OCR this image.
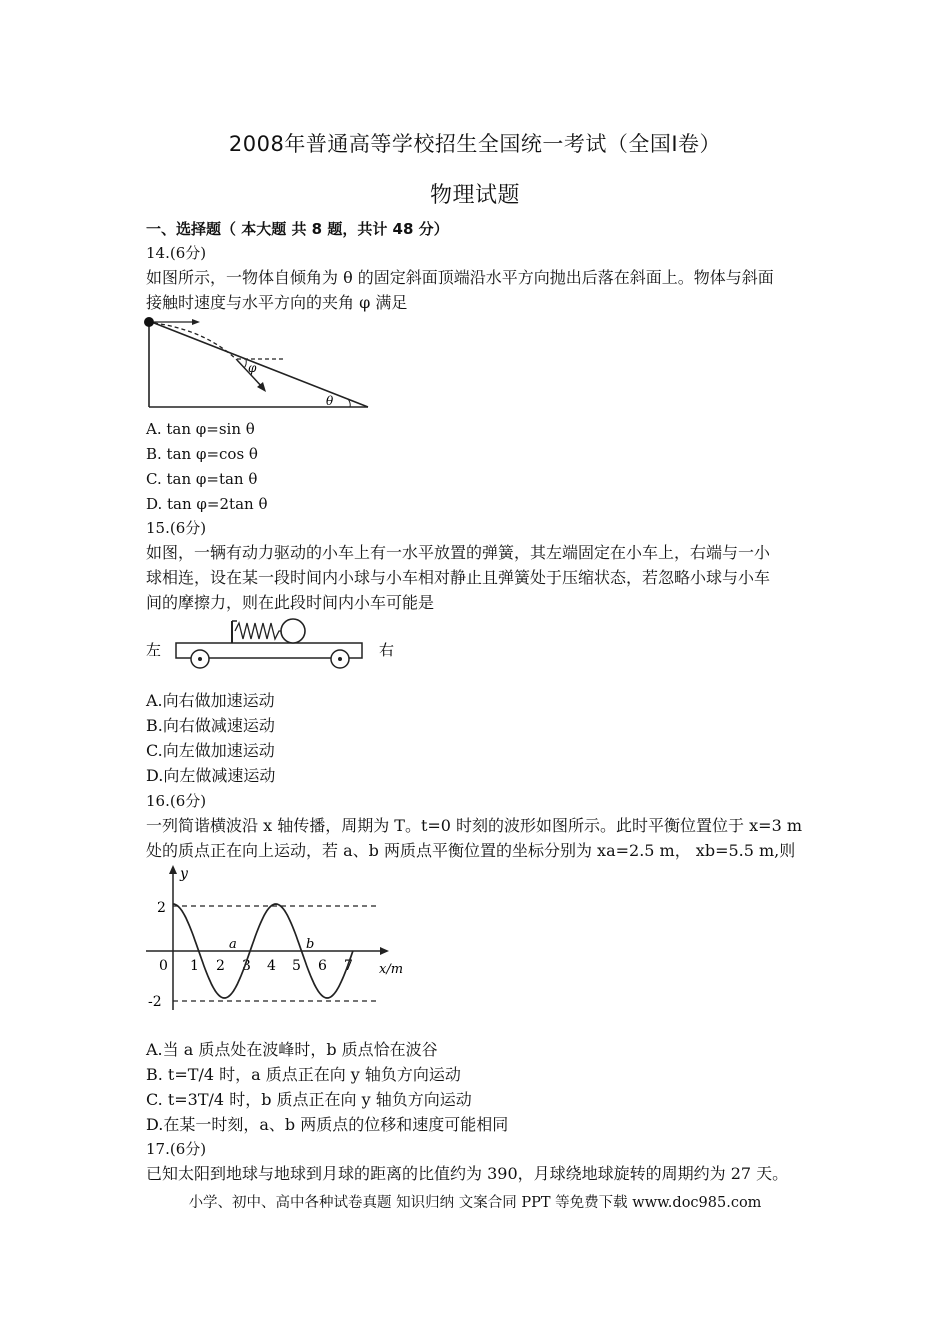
2008年普通高等学校招生全国统一考试（全国Ⅰ卷）
物理试题
一、选择题（ 本大题 共 8 题，共计 48 分）
14.(6分)
如图所示，一物体自倾角为 θ 的固定斜面顶端沿水平方向抛出后落在斜面上。物体与斜面
接触时速度与水平方向的夹角 φ 满足
φ
θ
A. tan φ=sin θ
B. tan φ=cos θ
C. tan φ=tan θ
D. tan φ=2tan θ
15.(6分)
如图，一辆有动力驱动的小车上有一水平放置的弹簧，其左端固定在小车上，右端与一小
球相连，设在某一段时间内小球与小车相对静止且弹簧处于压缩状态，若忽略小球与小车
间的摩擦力，则在此段时间内小车可能是
左	右
A.向右做加速运动
B.向右做减速运动
C.向左做加速运动
D.向左做减速运动
16.(6分)
一列简谐横波沿 x 轴传播，周期为 T。t=0 时刻的波形如图所示。此时平衡位置位于 x=3 m
处的质点正在向上运动，若 a、b 两质点平衡位置的坐标分别为 xa=2.5 m， xb=5.5 m,则
y
x/m
2
-2
0 1 2 3 4 5 6 7
a	b
A.当 a 质点处在波峰时，b 质点恰在波谷
B. t=T/4 时，a 质点正在向 y 轴负方向运动
C. t=3T/4 时，b 质点正在向 y 轴负方向运动
D.在某一时刻，a、b 两质点的位移和速度可能相同
17.(6分)
已知太阳到地球与地球到月球的距离的比值约为 390，月球绕地球旋转的周期约为 27 天。
小学、初中、高中各种试卷真题 知识归纳 文案合同 PPT 等免费下载 www.doc985.com
